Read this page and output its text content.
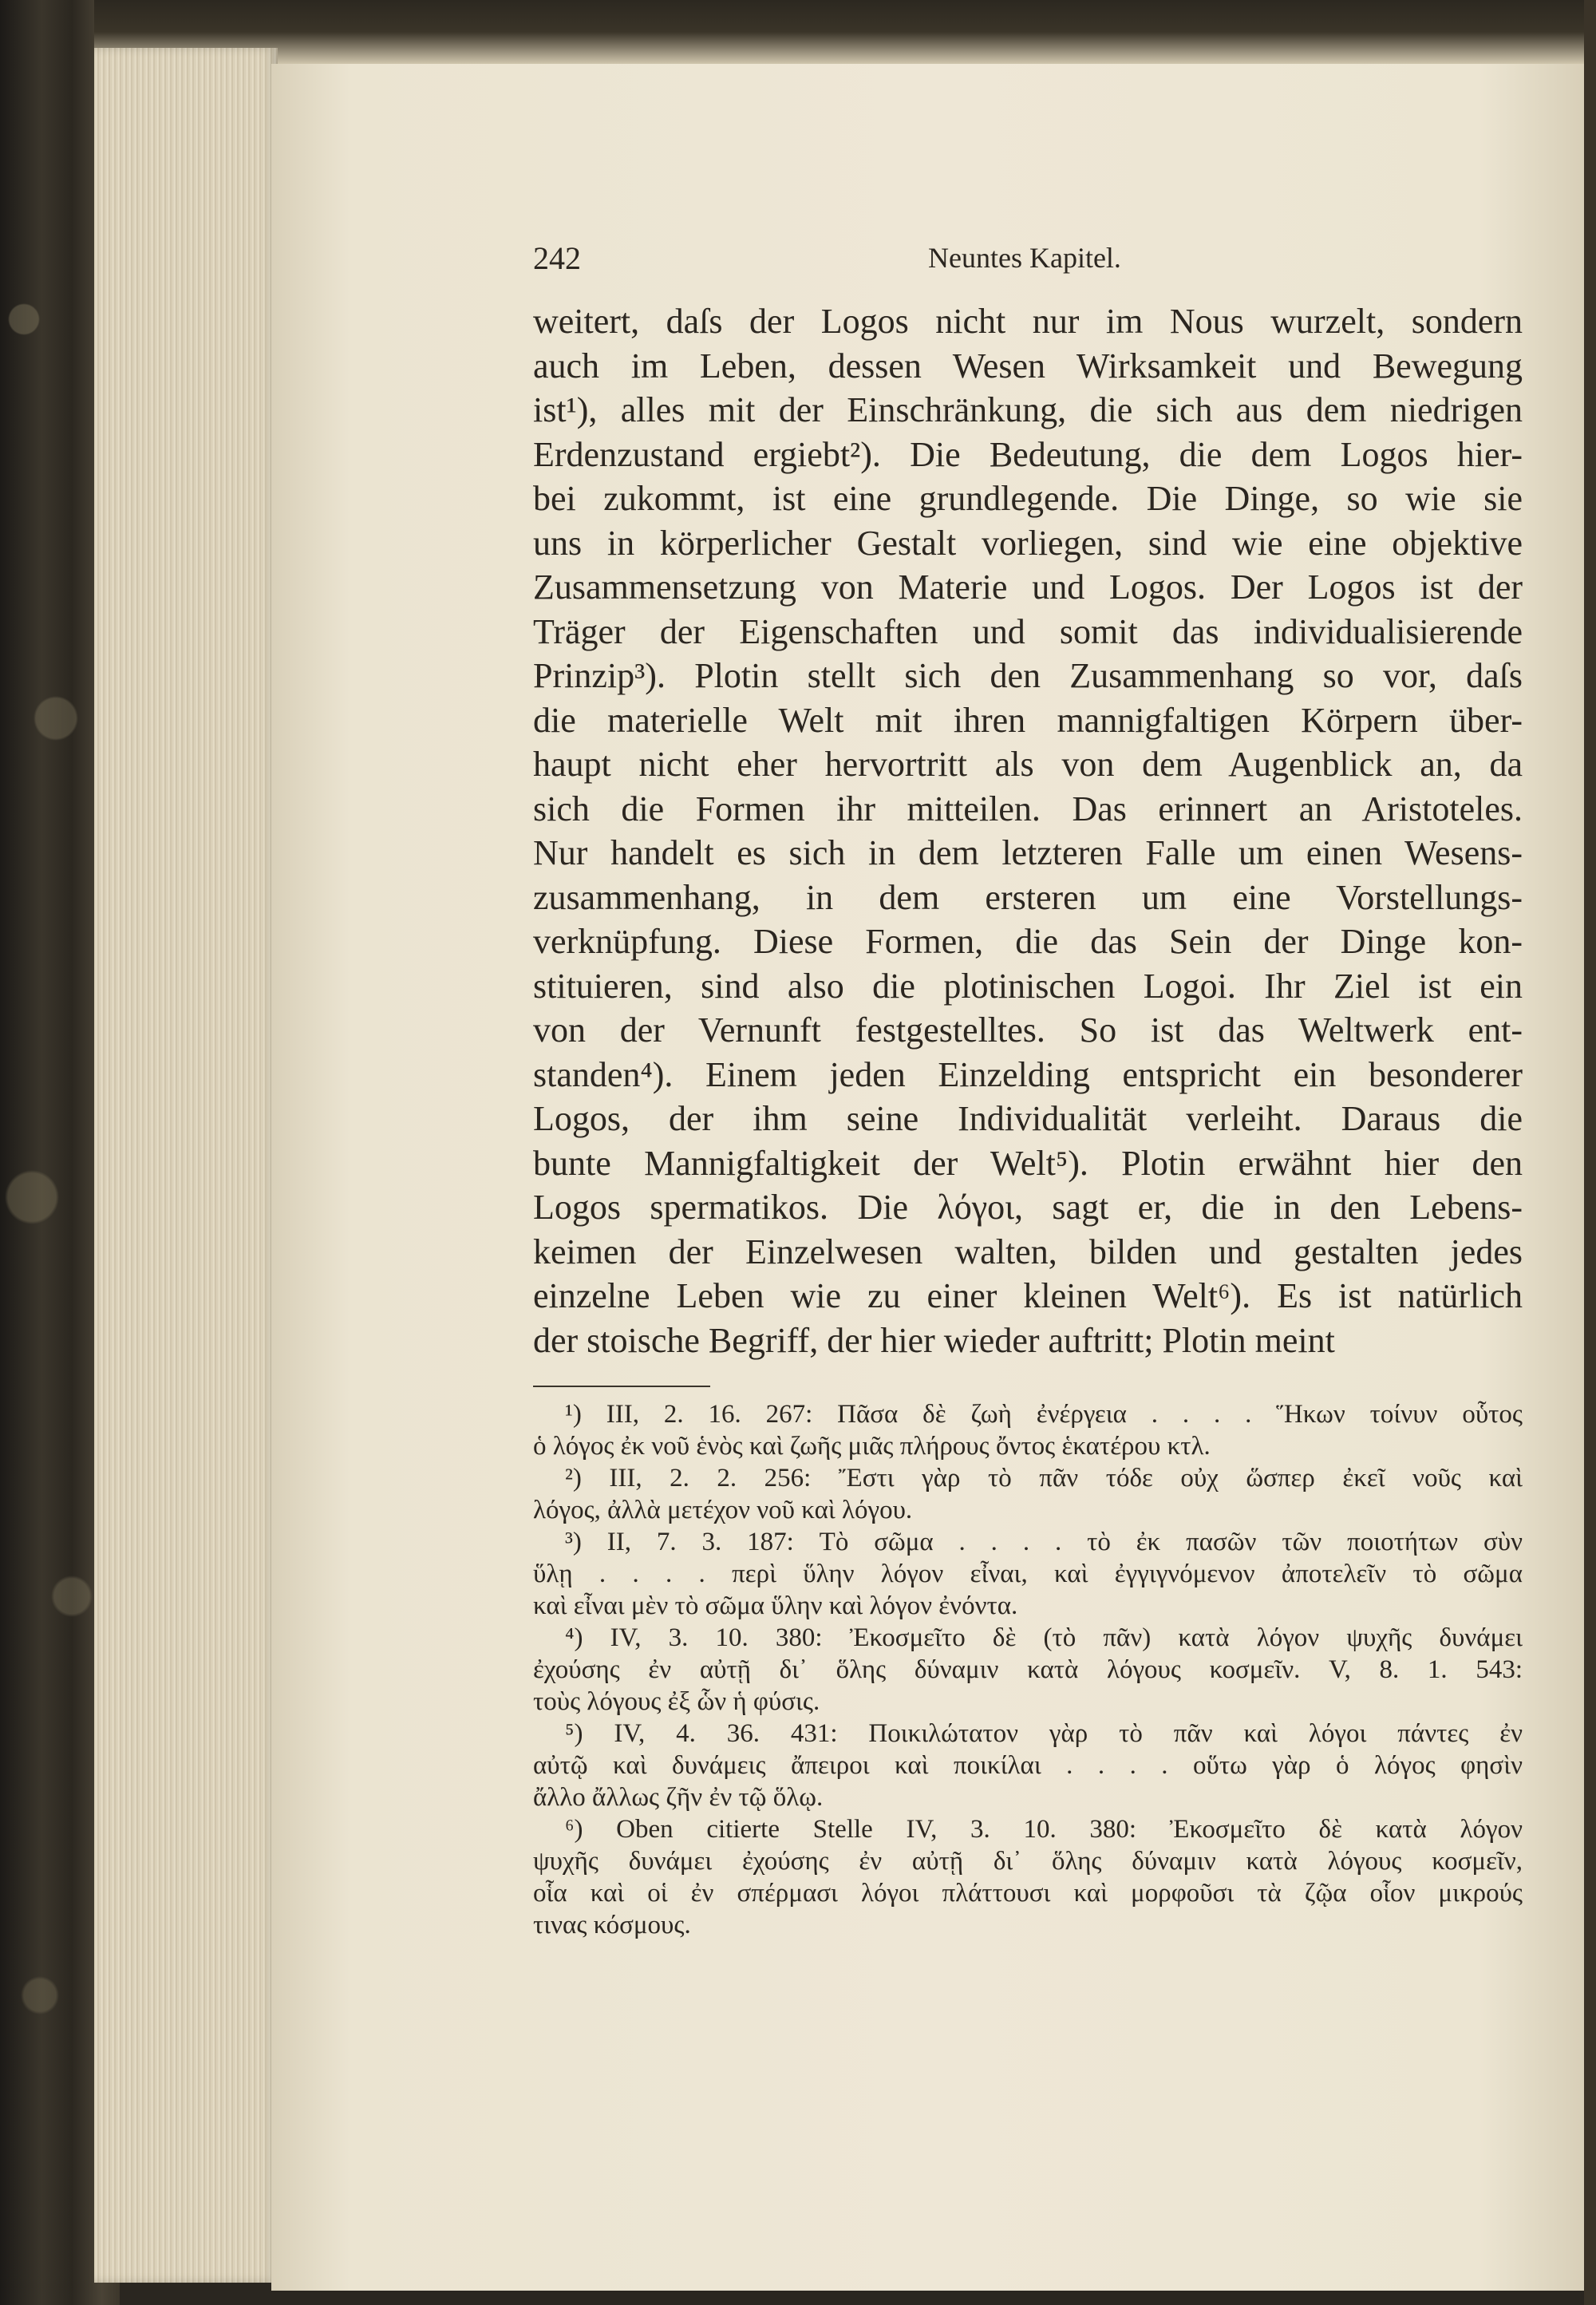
242	Neuntes Kapitel.
weitert, daſs der Logos nicht nur im Nous wurzelt, sondern
auch im Leben, dessen Wesen Wirksamkeit und Bewegung
ist¹), alles mit der Einschränkung, die sich aus dem niedrigen
Erdenzustand ergiebt²). Die Bedeutung, die dem Logos hier-
bei zukommt, ist eine grundlegende. Die Dinge, so wie sie
uns in körperlicher Gestalt vorliegen, sind wie eine objektive
Zusammensetzung von Materie und Logos. Der Logos ist der
Träger der Eigenschaften und somit das individualisierende
Prinzip³). Plotin stellt sich den Zusammenhang so vor, daſs
die materielle Welt mit ihren mannigfaltigen Körpern über-
haupt nicht eher hervortritt als von dem Augenblick an, da
sich die Formen ihr mitteilen. Das erinnert an Aristoteles.
Nur handelt es sich in dem letzteren Falle um einen Wesens-
zusammenhang, in dem ersteren um eine Vorstellungs-
verknüpfung. Diese Formen, die das Sein der Dinge kon-
stituieren, sind also die plotinischen Logoi. Ihr Ziel ist ein
von der Vernunft festgestelltes. So ist das Weltwerk ent-
standen⁴). Einem jeden Einzelding entspricht ein besonderer
Logos, der ihm seine Individualität verleiht. Daraus die
bunte Mannigfaltigkeit der Welt⁵). Plotin erwähnt hier den
Logos spermatikos. Die λόγοι, sagt er, die in den Lebens-
keimen der Einzelwesen walten, bilden und gestalten jedes
einzelne Leben wie zu einer kleinen Welt⁶). Es ist natürlich
der stoische Begriff, der hier wieder auftritt; Plotin meint
¹) III, 2. 16. 267: Πᾶσα δὲ ζωὴ ἐνέργεια . . . . Ἥκων τοίνυν οὗτος
ὁ λόγος ἐκ νοῦ ἑνὸς καὶ ζωῆς μιᾶς πλήρους ὄντος ἑκατέρου κτλ.
²) III, 2. 2. 256: Ἔστι γὰρ τὸ πᾶν τόδε οὐχ ὥσπερ ἐκεῖ νοῦς καὶ
λόγος, ἀλλὰ μετέχον νοῦ καὶ λόγου.
³) II, 7. 3. 187: Τὸ σῶμα . . . . τὸ ἐκ πασῶν τῶν ποιοτήτων σὺν
ὕλῃ . . . . περὶ ὕλην λόγον εἶναι, καὶ ἐγγιγνόμενον ἀποτελεῖν τὸ σῶμα
καὶ εἶναι μὲν τὸ σῶμα ὕλην καὶ λόγον ἐνόντα.
⁴) IV, 3. 10. 380: Ἐκοσμεῖτο δὲ (τὸ πᾶν) κατὰ λόγον ψυχῆς δυνάμει
ἐχούσης ἐν αὐτῇ δι᾽ ὅλης δύναμιν κατὰ λόγους κοσμεῖν. V, 8. 1. 543:
τοὺς λόγους ἐξ ὧν ἡ φύσις.
⁵) IV, 4. 36. 431: Ποικιλώτατον γὰρ τὸ πᾶν καὶ λόγοι πάντες ἐν
αὐτῷ καὶ δυνάμεις ἄπειροι καὶ ποικίλαι . . . . οὕτω γὰρ ὁ λόγος φησὶν
ἄλλο ἄλλως ζῆν ἐν τῷ ὅλῳ.
⁶) Oben citierte Stelle IV, 3. 10. 380: Ἐκοσμεῖτο δὲ κατὰ λόγον
ψυχῆς δυνάμει ἐχούσης ἐν αὐτῇ δι᾽ ὅλης δύναμιν κατὰ λόγους κοσμεῖν,
οἷα καὶ οἱ ἐν σπέρμασι λόγοι πλάττουσι καὶ μορφοῦσι τὰ ζῷα οἷον μικρούς
τινας κόσμους.
